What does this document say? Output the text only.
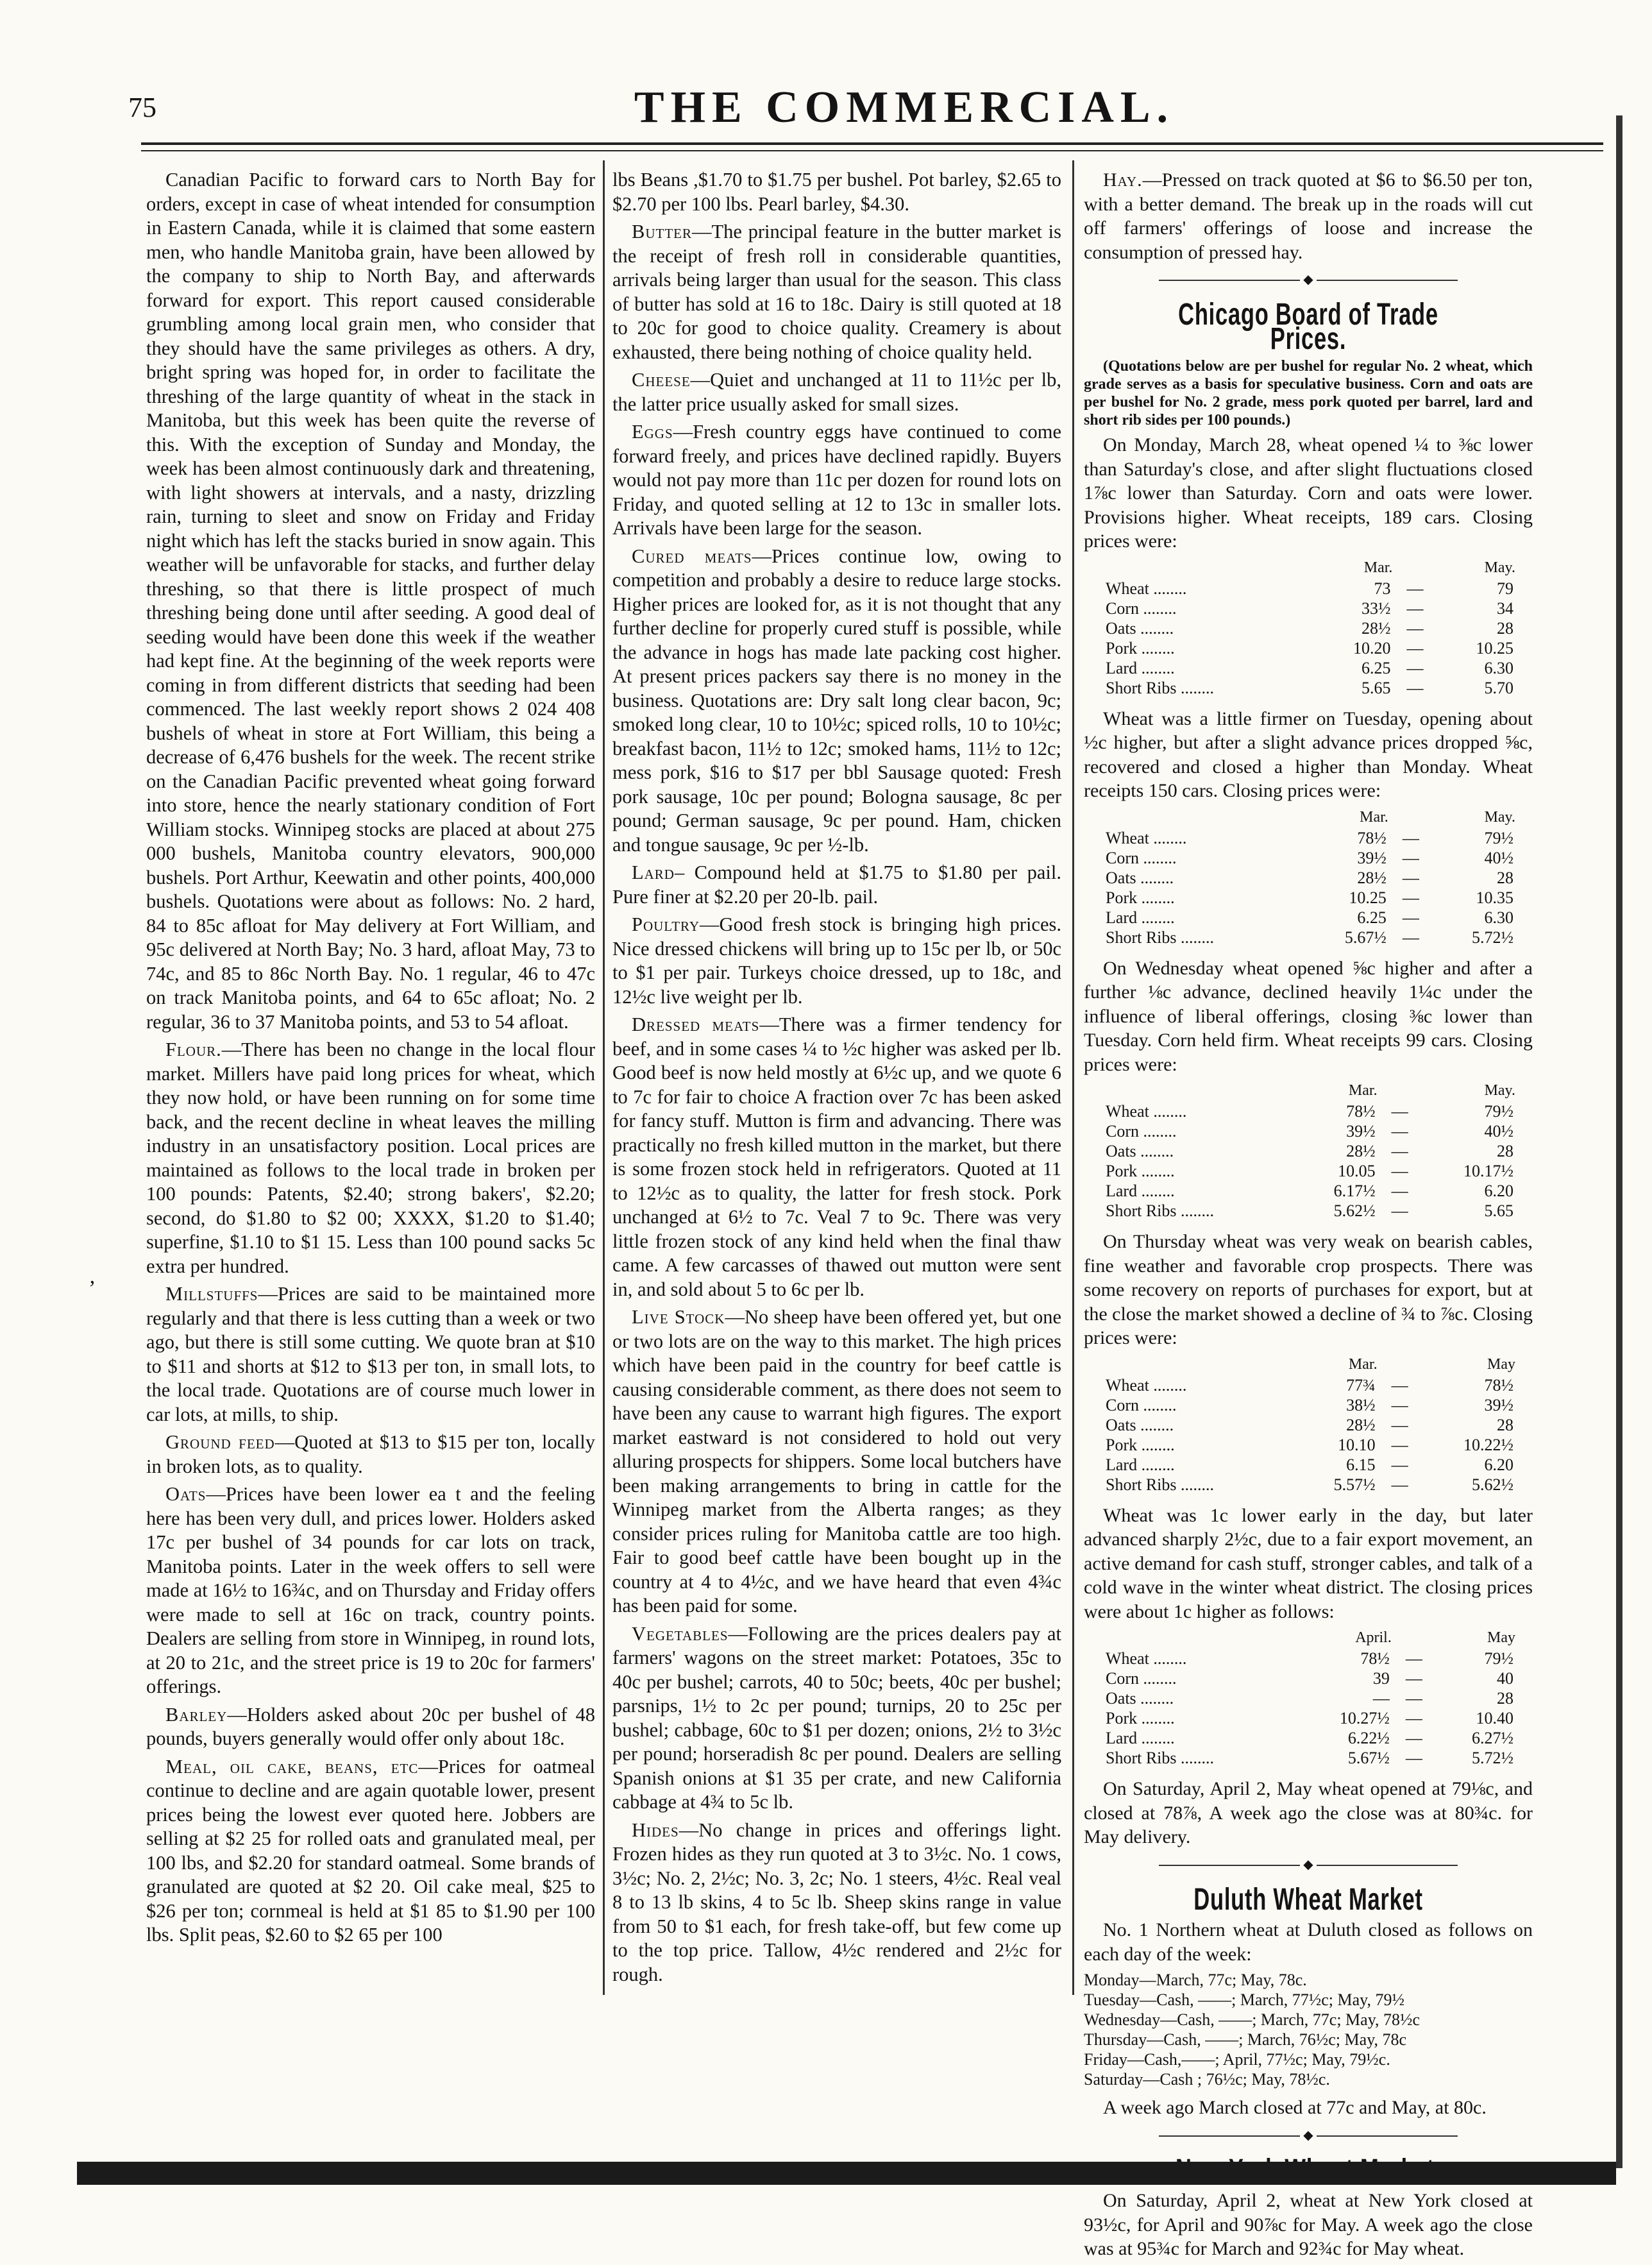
75	THE COMMERCIAL.
’

Canadian Pacific to forward cars to North Bay for orders, except in case of wheat intended for consumption in Eastern Canada, while it is claimed that some eastern men, who handle Manitoba grain, have been allowed by the company to ship to North Bay, and afterwards forward for export. This report caused considerable grumbling among local grain men, who consider that they should have the same privileges as others. A dry, bright spring was hoped for, in order to facilitate the threshing of the large quantity of wheat in the stack in Manitoba, but this week has been quite the reverse of this. With the exception of Sunday and Monday, the week has been almost continuously dark and threatening, with light showers at intervals, and a nasty, drizzling rain, turning to sleet and snow on Friday and Friday night which has left the stacks buried in snow again. This weather will be unfavorable for stacks, and further delay threshing, so that there is little prospect of much threshing being done until after seeding. A good deal of seeding would have been done this week if the weather had kept fine. At the beginning of the week reports were coming in from different districts that seeding had been commenced. The last weekly report shows 2 024 408 bushels of wheat in store at Fort William, this being a decrease of 6,476 bushels for the week. The recent strike on the Canadian Pacific prevented wheat going forward into store, hence the nearly stationary condition of Fort William stocks. Winnipeg stocks are placed at about 275 000 bushels, Manitoba country elevators, 900,000 bushels. Port Arthur, Keewatin and other points, 400,000 bushels. Quotations were about as follows: No. 2 hard, 84 to 85c afloat for May delivery at Fort William, and 95c delivered at North Bay; No. 3 hard, afloat May, 73 to 74c, and 85 to 86c North Bay. No. 1 regular, 46 to 47c on track Manitoba points, and 64 to 65c afloat; No. 2 regular, 36 to 37 Manitoba points, and 53 to 54 afloat.

Flour.—There has been no change in the local flour market. Millers have paid long prices for wheat, which they now hold, or have been running on for some time back, and the recent decline in wheat leaves the milling industry in an unsatisfactory position. Local prices are maintained as follows to the local trade in broken per 100 pounds: Patents, $2.40; strong bakers', $2.20; second, do $1.80 to $2 00; XXXX, $1.20 to $1.40; superfine, $1.10 to $1 15. Less than 100 pound sacks 5c extra per hundred.

Millstuffs—Prices are said to be maintained more regularly and that there is less cutting than a week or two ago, but there is still some cutting. We quote bran at $10 to $11 and shorts at $12 to $13 per ton, in small lots, to the local trade. Quotations are of course much lower in car lots, at mills, to ship.

Ground feed—Quoted at $13 to $15 per ton, locally in broken lots, as to quality.

Oats—Prices have been lower ea t and the feeling here has been very dull, and prices lower. Holders asked 17c per bushel of 34 pounds for car lots on track, Manitoba points. Later in the week offers to sell were made at 16½ to 16¾c, and on Thursday and Friday offers were made to sell at 16c on track, country points. Dealers are selling from store in Winnipeg, in round lots, at 20 to 21c, and the street price is 19 to 20c for farmers' offerings.

Barley—Holders asked about 20c per bushel of 48 pounds, buyers generally would offer only about 18c.

Meal, oil cake, beans, etc—Prices for oatmeal continue to decline and are again quotable lower, present prices being the lowest ever quoted here. Jobbers are selling at $2 25 for rolled oats and granulated meal, per 100 lbs, and $2.20 for standard oatmeal. Some brands of granulated are quoted at $2 20. Oil cake meal, $25 to $26 per ton; cornmeal is held at $1 85 to $1.90 per 100 lbs. Split peas, $2.60 to $2 65 per 100

lbs Beans ,$1.70 to $1.75 per bushel. Pot barley, $2.65 to $2.70 per 100 lbs. Pearl barley, $4.30.

Butter—The principal feature in the butter market is the receipt of fresh roll in considerable quantities, arrivals being larger than usual for the season. This class of butter has sold at 16 to 18c. Dairy is still quoted at 18 to 20c for good to choice quality. Creamery is about exhausted, there being nothing of choice quality held.

Cheese—Quiet and unchanged at 11 to 11½c per lb, the latter price usually asked for small sizes.

Eggs—Fresh country eggs have continued to come forward freely, and prices have declined rapidly. Buyers would not pay more than 11c per dozen for round lots on Friday, and quoted selling at 12 to 13c in smaller lots. Arrivals have been large for the season.

Cured meats—Prices continue low, owing to competition and probably a desire to reduce large stocks. Higher prices are looked for, as it is not thought that any further decline for properly cured stuff is possible, while the advance in hogs has made late packing cost higher. At present prices packers say there is no money in the business. Quotations are: Dry salt long clear bacon, 9c; smoked long clear, 10 to 10½c; spiced rolls, 10 to 10½c; breakfast bacon, 11½ to 12c; smoked hams, 11½ to 12c; mess pork, $16 to $17 per bbl Sausage quoted: Fresh pork sausage, 10c per pound; Bologna sausage, 8c per pound; German sausage, 9c per pound. Ham, chicken and tongue sausage, 9c per ½-lb.

Lard– Compound held at $1.75 to $1.80 per pail. Pure finer at $2.20 per 20-lb. pail.

Poultry—Good fresh stock is bringing high prices. Nice dressed chickens will bring up to 15c per lb, or 50c to $1 per pair. Turkeys choice dressed, up to 18c, and 12½c live weight per lb.

Dressed meats—There was a firmer tendency for beef, and in some cases ¼ to ½c higher was asked per lb. Good beef is now held mostly at 6½c up, and we quote 6 to 7c for fair to choice A fraction over 7c has been asked for fancy stuff. Mutton is firm and advancing. There was practically no fresh killed mutton in the market, but there is some frozen stock held in refrigerators. Quoted at 11 to 12½c as to quality, the latter for fresh stock. Pork unchanged at 6½ to 7c. Veal 7 to 9c. There was very little frozen stock of any kind held when the final thaw came. A few carcasses of thawed out mutton were sent in, and sold about 5 to 6c per lb.

Live Stock—No sheep have been offered yet, but one or two lots are on the way to this market. The high prices which have been paid in the country for beef cattle is causing considerable comment, as there does not seem to have been any cause to warrant high figures. The export market eastward is not considered to hold out very alluring prospects for shippers. Some local butchers have been making arrangements to bring in cattle for the Winnipeg market from the Alberta ranges; as they consider prices ruling for Manitoba cattle are too high. Fair to good beef cattle have been bought up in the country at 4 to 4½c, and we have heard that even 4¾c has been paid for some.

Vegetables—Following are the prices dealers pay at farmers' wagons on the street market: Potatoes, 35c to 40c per bushel; carrots, 40 to 50c; beets, 40c per bushel; parsnips, 1½ to 2c per pound; turnips, 20 to 25c per bushel; cabbage, 60c to $1 per dozen; onions, 2½ to 3½c per pound; horseradish 8c per pound. Dealers are selling Spanish onions at $1 35 per crate, and new California cabbage at 4¾ to 5c lb.

Hides—No change in prices and offerings light. Frozen hides as they run quoted at 3 to 3½c. No. 1 cows, 3½c; No. 2, 2½c; No. 3, 2c; No. 1 steers, 4½c. Real veal 8 to 13 lb skins, 4 to 5c lb. Sheep skins range in value from 50 to $1 each, for fresh take-off, but few come up to the top price. Tallow, 4½c rendered and 2½c for rough.

Hay.—Pressed on track quoted at $6 to $6.50 per ton, with a better demand. The break up in the roads will cut off farmers' offerings of loose and increase the consumption of pressed hay.

◆
Chicago Board of Trade Prices.

(Quotations below are per bushel for regular No. 2 wheat, which grade serves as a basis for speculative business. Corn and oats are per bushel for No. 2 grade, mess pork quoted per barrel, lard and short rib sides per 100 pounds.)

On Monday, March 28, wheat opened ¼ to ⅜c lower than Saturday's close, and after slight fluctuations closed 1⅞c lower than Saturday. Corn and oats were lower. Provisions higher. Wheat receipts, 189 cars. Closing prices were:

	Mar.		May.
Wheat ........	73	—	79
Corn ........	33½	—	34
Oats ........	28½	—	28
Pork ........	10.20	—	10.25
Lard ........	6.25	—	6.30
Short Ribs ........	5.65	—	5.70

Wheat was a little firmer on Tuesday, opening about ½c higher, but after a slight advance prices dropped ⅝c, recovered and closed a higher than Monday. Wheat receipts 150 cars. Closing prices were:

	Mar.		May.
Wheat ........	78½	—	79½
Corn ........	39½	—	40½
Oats ........	28½	—	28
Pork ........	10.25	—	10.35
Lard ........	6.25	—	6.30
Short Ribs ........	5.67½	—	5.72½

On Wednesday wheat opened ⅝c higher and after a further ⅛c advance, declined heavily 1¼c under the influence of liberal offerings, closing ⅜c lower than Tuesday. Corn held firm. Wheat receipts 99 cars. Closing prices were:

	Mar.		May.
Wheat ........	78½	—	79½
Corn ........	39½	—	40½
Oats ........	28½	—	28
Pork ........	10.05	—	10.17½
Lard ........	6.17½	—	6.20
Short Ribs ........	5.62½	—	5.65

On Thursday wheat was very weak on bearish cables, fine weather and favorable crop prospects. There was some recovery on reports of purchases for export, but at the close the market showed a decline of ¾ to ⅞c. Closing prices were:

	Mar.		May
Wheat ........	77¾	—	78½
Corn ........	38½	—	39½
Oats ........	28½	—	28
Pork ........	10.10	—	10.22½
Lard ........	6.15	—	6.20
Short Ribs ........	5.57½	—	5.62½

Wheat was 1c lower early in the day, but later advanced sharply 2½c, due to a fair export movement, an active demand for cash stuff, stronger cables, and talk of a cold wave in the winter wheat district. The closing prices were about 1c higher as follows:

	April.		May
Wheat ........	78½	—	79½
Corn ........	39	—	40
Oats ........	—	—	28
Pork ........	10.27½	—	10.40
Lard ........	6.22½	—	6.27½
Short Ribs ........	5.67½	—	5.72½

On Saturday, April 2, May wheat opened at 79⅛c, and closed at 78⅞, A week ago the close was at 80¾c. for May delivery.

◆
Duluth Wheat Market

No. 1 Northern wheat at Duluth closed as follows on each day of the week:

Monday—March, 77c; May, 78c.
Tuesday—Cash, ——; March, 77½c; May, 79½
Wednesday—Cash, ——; March, 77c; May, 78½c
Thursday—Cash, ——; March, 76½c; May, 78c
Friday—Cash,——; April, 77½c; May, 79½c.
Saturday—Cash ; 76½c; May, 78½c.

A week ago March closed at 77c and May, at 80c.

◆

On Saturday, April 2, wheat at New York closed at 93½c, for April and 90⅞c for May. A week ago the close was at 95¾c for March and 92¾c for May wheat.
